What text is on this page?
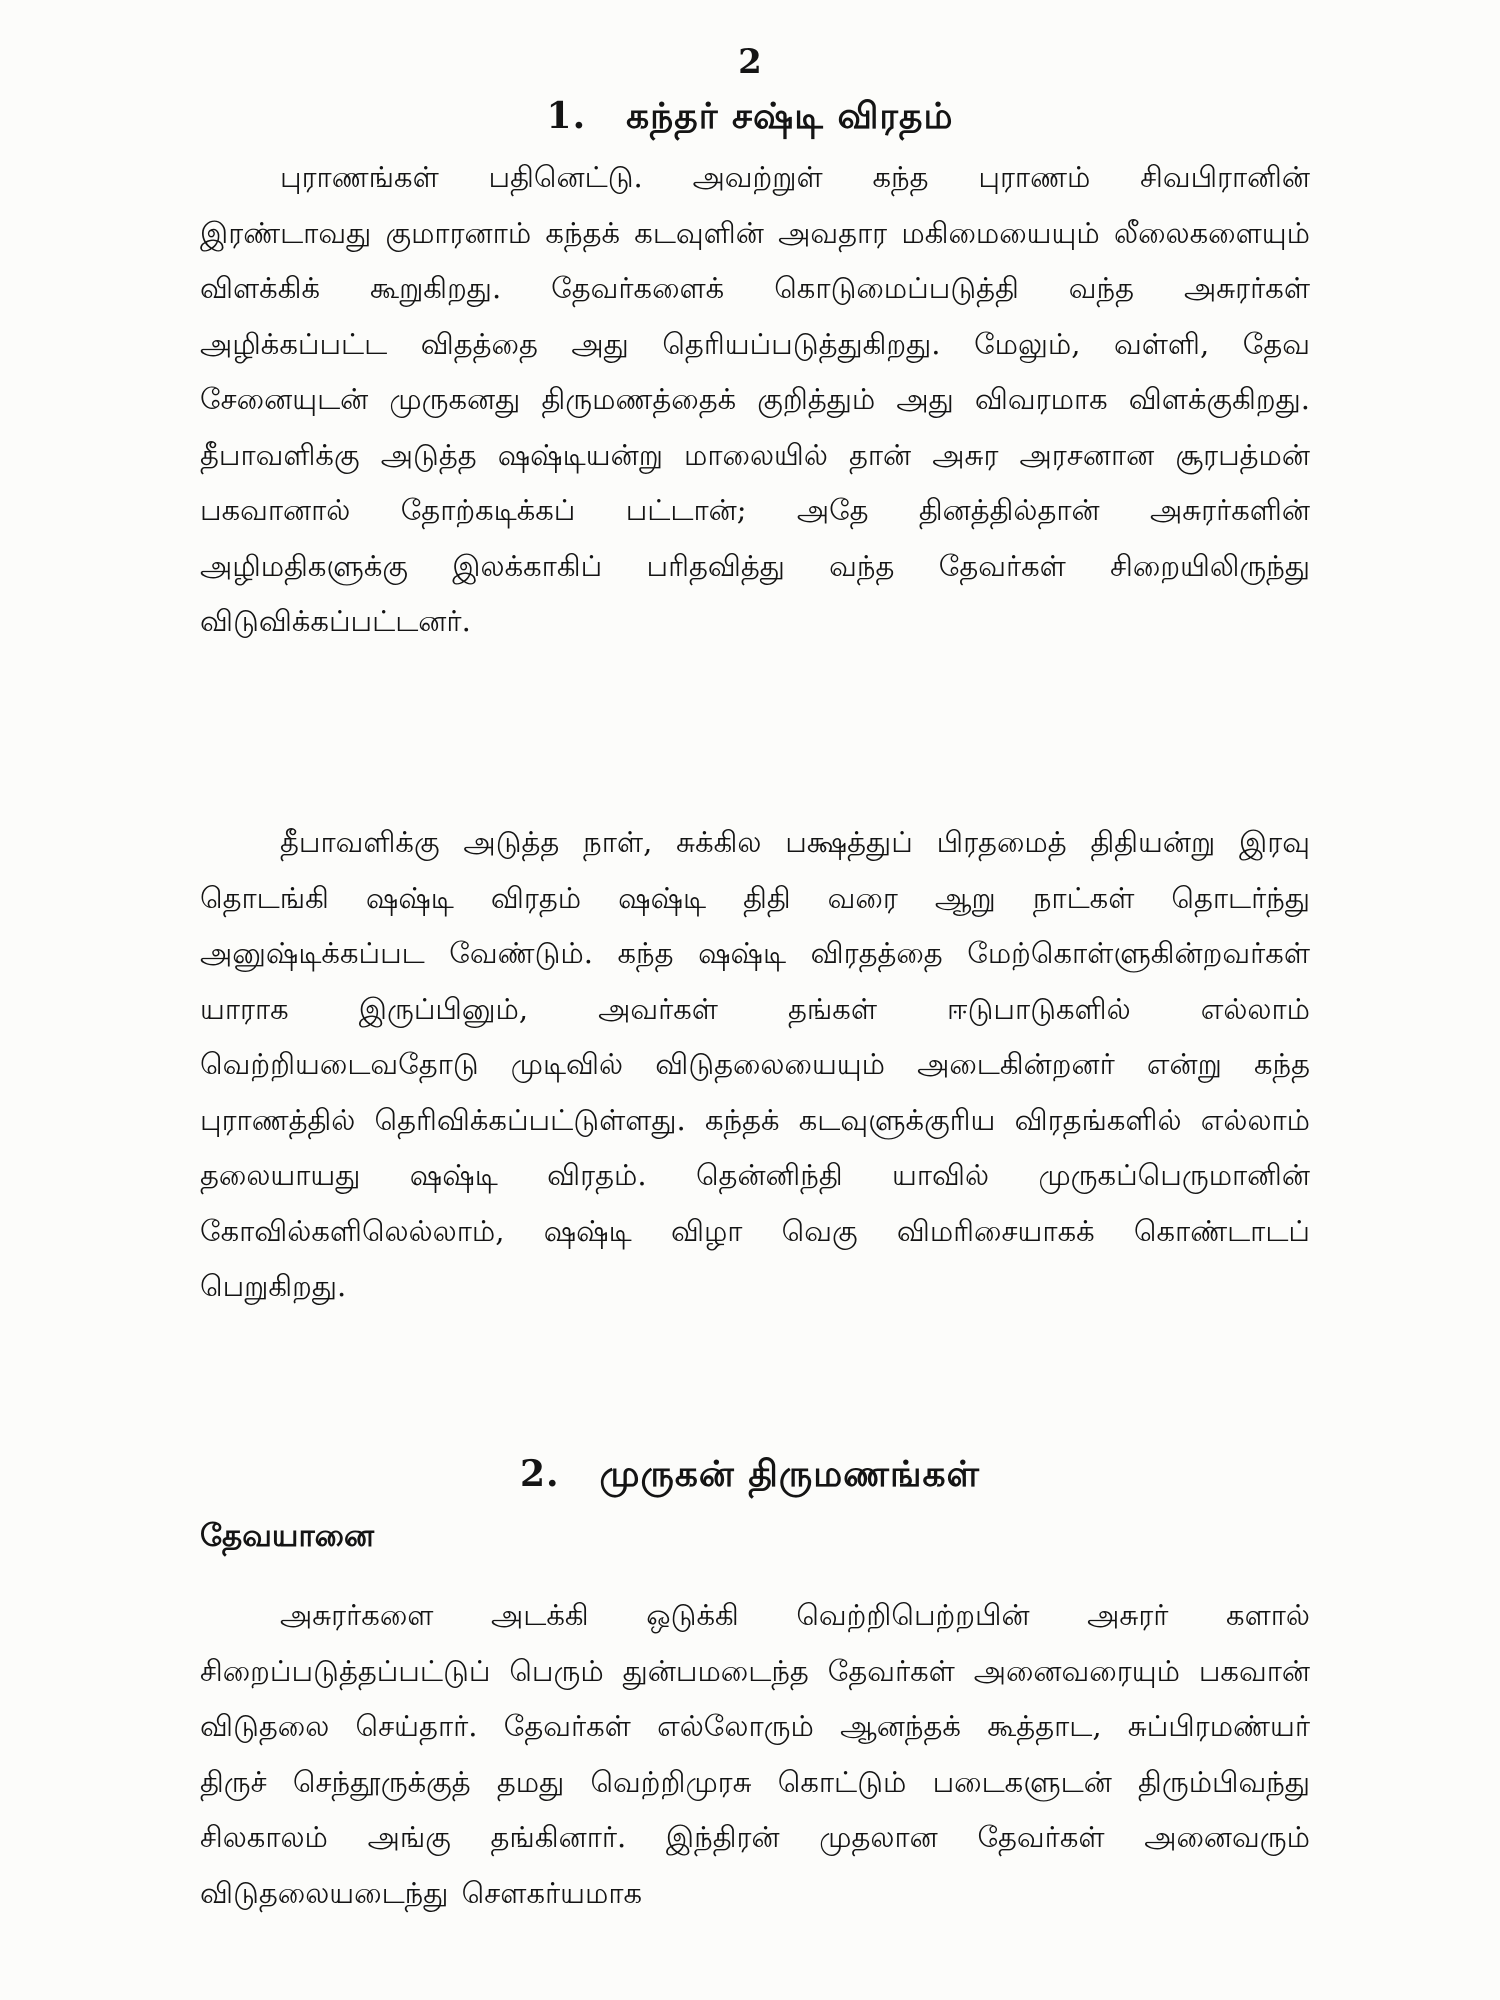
2
1. கந்தர் சஷ்டி விரதம்

புராணங்கள் பதினெட்டு. அவற்றுள் கந்த புராணம் சிவபிரானின் இரண்டாவது குமாரனாம் கந்தக் கடவுளின் அவதார மகிமையையும் லீலைகளையும் விளக்கிக் கூறுகிறது. தேவர்களைக் கொடுமைப்படுத்தி வந்த அசுரர்கள் அழிக்கப்பட்ட விதத்தை அது தெரியப்படுத்துகிறது. மேலும், வள்ளி, தேவ சேனையுடன் முருகனது திருமணத்தைக் குறித்தும் அது விவரமாக விளக்குகிறது. தீபாவளிக்கு அடுத்த ஷஷ்டியன்று மாலையில் தான் அசுர அரசனான சூரபத்மன் பகவானால் தோற்கடிக்கப் பட்டான்; அதே தினத்தில்தான் அசுரர்களின் அழிமதிகளுக்கு இலக்காகிப் பரிதவித்து வந்த தேவர்கள் சிறையிலிருந்து விடுவிக்கப்பட்டனர்.

தீபாவளிக்கு அடுத்த நாள், சுக்கில பக்ஷத்துப் பிரதமைத் திதியன்று இரவு தொடங்கி ஷஷ்டி விரதம் ஷஷ்டி திதி வரை ஆறு நாட்கள் தொடர்ந்து அனுஷ்டிக்கப்பட வேண்டும். கந்த ஷஷ்டி விரதத்தை மேற்கொள்ளுகின்றவர்கள் யாராக இருப்பினும், அவர்கள் தங்கள் ஈடுபாடுகளில் எல்லாம் வெற்றியடைவதோடு முடிவில் விடுதலையையும் அடைகின்றனர் என்று கந்த புராணத்தில் தெரிவிக்கப்பட்டுள்ளது. கந்தக் கடவுளுக்குரிய விரதங்களில் எல்லாம் தலையாயது ஷஷ்டி விரதம். தென்னிந்தி யாவில் முருகப்பெருமானின் கோவில்களிலெல்லாம், ஷஷ்டி விழா வெகு விமரிசையாகக் கொண்டாடப் பெறுகிறது.

2. முருகன் திருமணங்கள்
தேவயானை

அசுரர்களை அடக்கி ஒடுக்கி வெற்றிபெற்றபின் அசுரர் களால் சிறைப்படுத்தப்பட்டுப் பெரும் துன்பமடைந்த தேவர்கள் அனைவரையும் பகவான் விடுதலை செய்தார். தேவர்கள் எல்லோரும் ஆனந்தக் கூத்தாட, சுப்பிரமண்யர் திருச் செந்தூருக்குத் தமது வெற்றிமுரசு கொட்டும் படைகளுடன் திரும்பிவந்து சிலகாலம் அங்கு தங்கினார். இந்திரன் முதலான தேவர்கள் அனைவரும் விடுதலையடைந்து சௌகர்யமாக
